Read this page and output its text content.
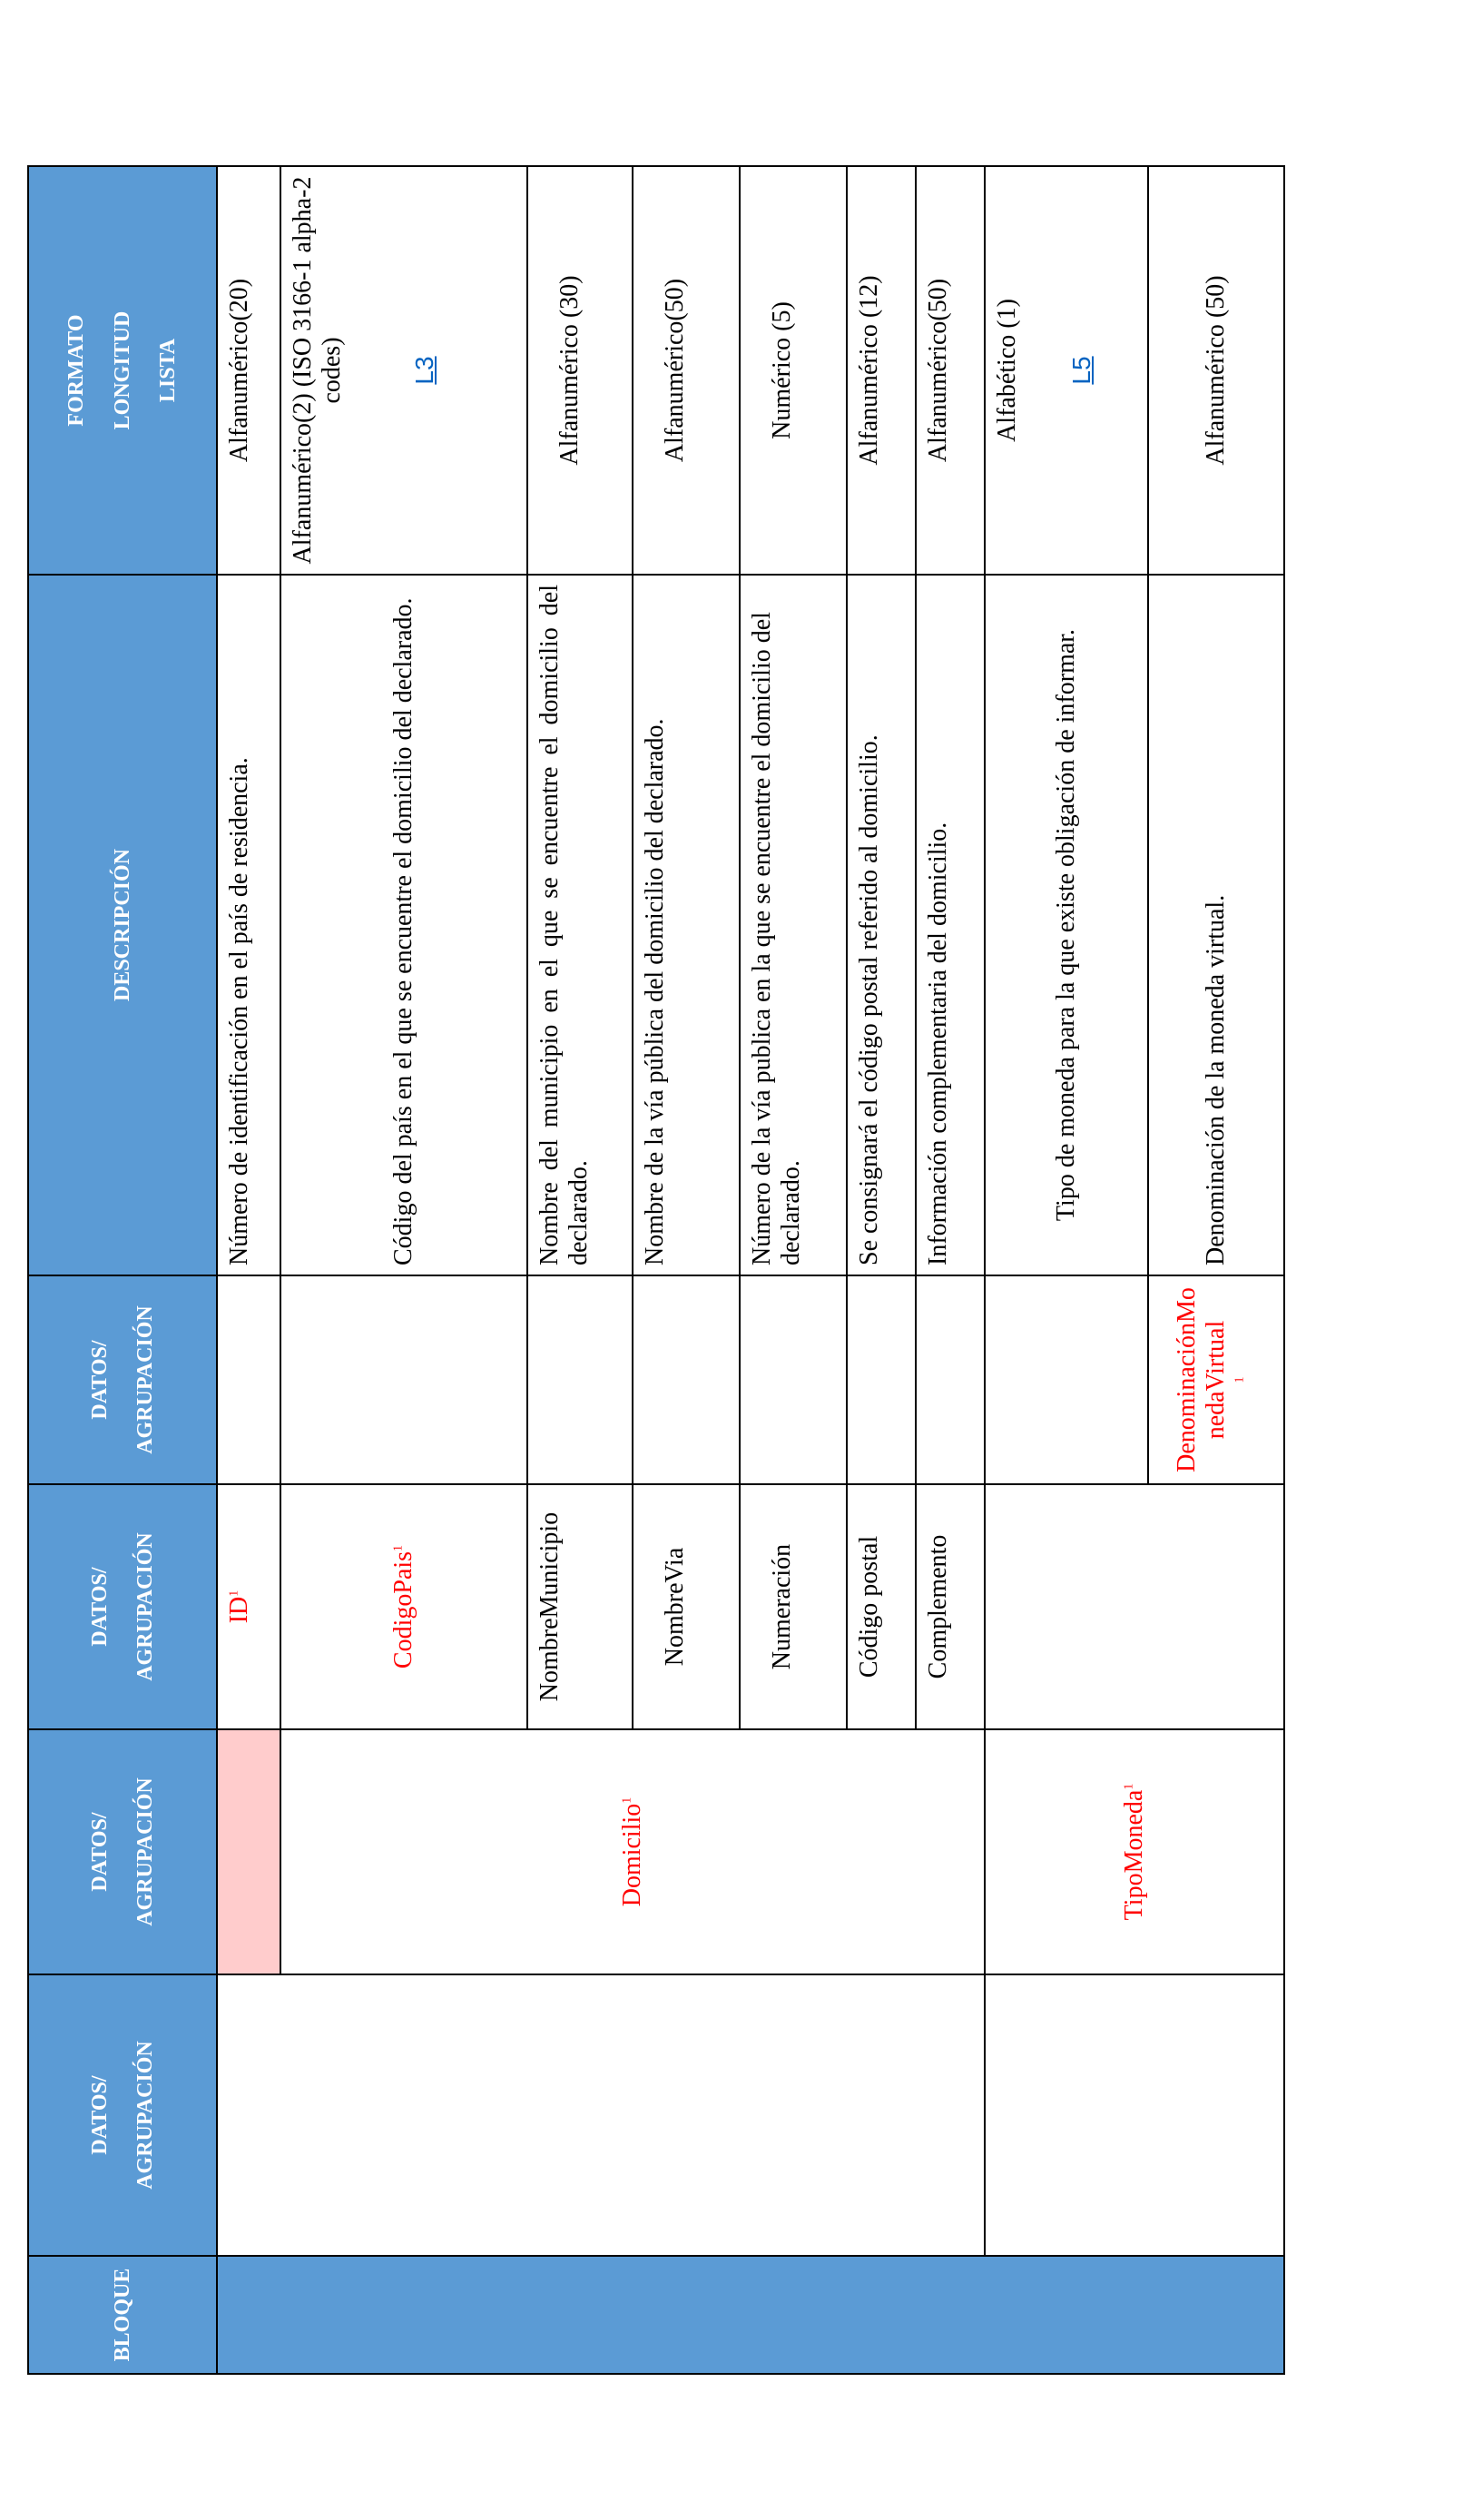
BLOQUE	DATOS/ AGRUPACIÓN	DATOS/ AGRUPACIÓN	DATOS/ AGRUPACIÓN	DATOS/ AGRUPACIÓN	DESCRIPCIÓN	FORMATO LONGITUD LISTA
			$ID^1$		Número de identificación en el país de residencia.	Alfanumérico(20)
		Domicilio$^1$	CodigoPais$^1$		Código del país en el que se encuentre el domicilio del declarado.	Alfanumérico(2) (ISO 3166-1 alpha-2 codes) L3

			NombreMunicipio		Nombre del municipio en el que se encuentre el domicilio del declarado.	Alfanumérico (30)
			NombreVia		Nombre de la vía pública del domicilio del declarado.	Alfanumérico(50)
			Numeración		Número de la vía publica en la que se encuentre el domicilio del declarado.	Numérico (5)
			Código postal		Se consignará el código postal referido al domicilio.	Alfanumérico (12)
			Complemento		Información complementaria del domicilio.	Alfanumérico(50)
		TipoMoneda$^1$			Tipo de moneda para la que existe obligación de informar.	Alfabético (1) L5

				DenominaciónMonedaVirtual $^1$	Denominación de la moneda virtual.	Alfanumérico (50)
